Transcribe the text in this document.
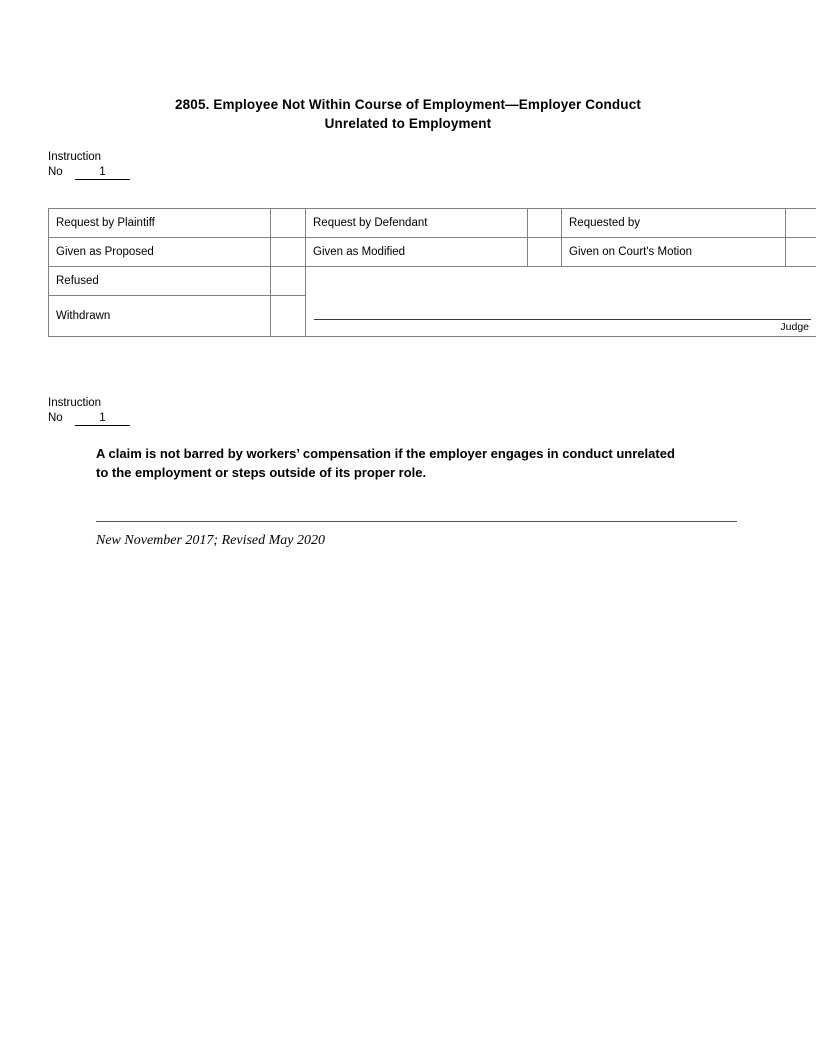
2805. Employee Not Within Course of Employment—Employer Conduct
Unrelated to Employment
Instruction
No	1
Request by Plaintiff		Request by Defendant		Requested by	
Given as Proposed		Given as Modified		Given on Court's Motion	
Refused		Judge			

Withdrawn					
Instruction
No	1
A claim is not barred by workers’ compensation if the employer engages in conduct unrelated to the employment or steps outside of its proper role.
New November 2017; Revised May 2020
